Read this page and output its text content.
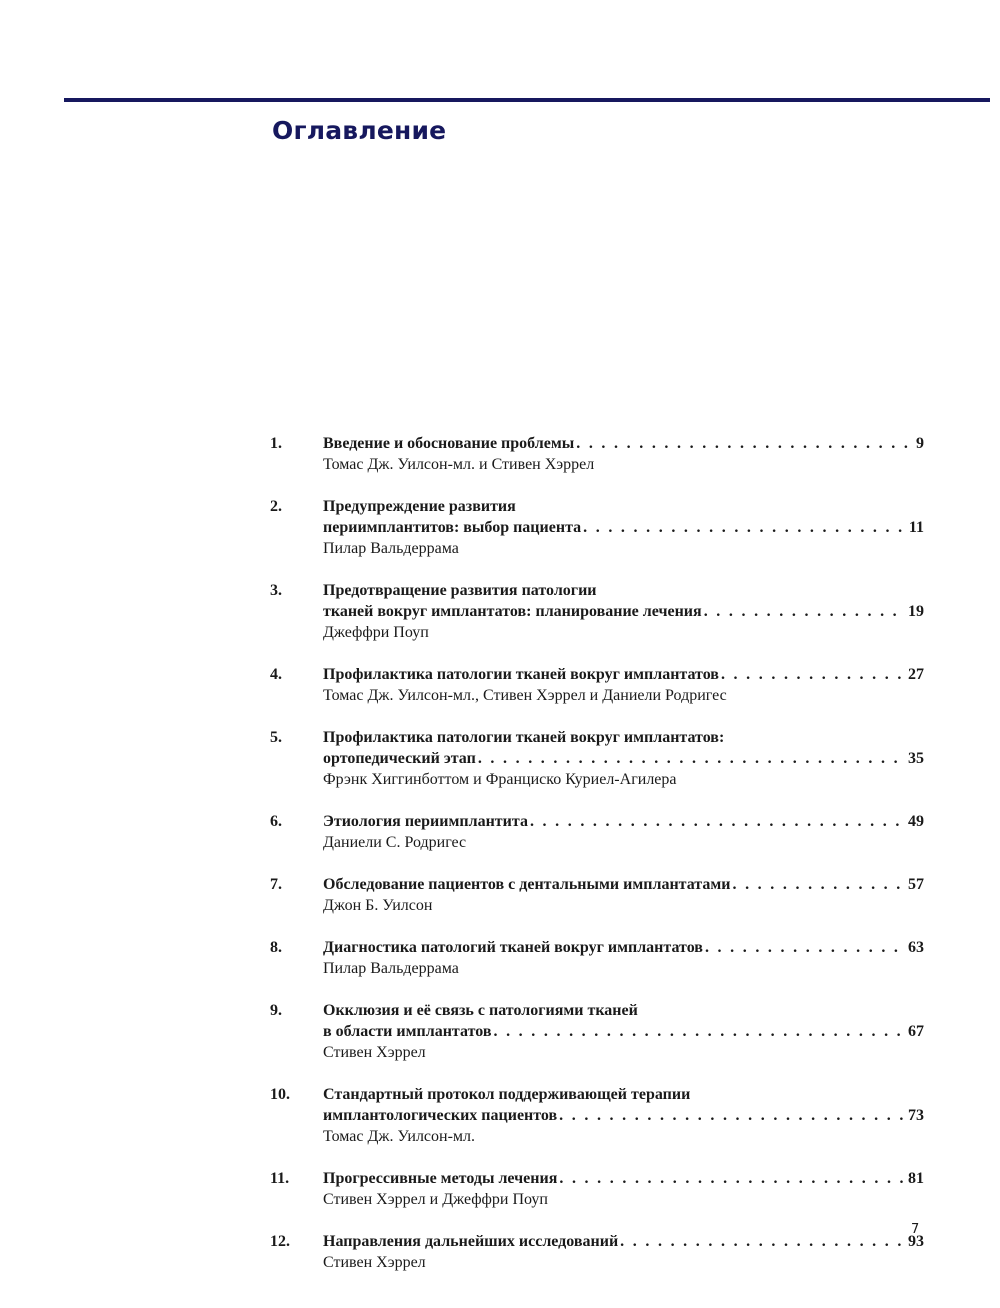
Оглавление
1.	Введение и обоснование проблемы . . .	9
Томас Дж. Уилсон-мл. и Стивен Хэррел
2.	Предупреждение развития
периимплантитов: выбор пациента . . .	11
Пилар Вальдеррама
3.	Предотвращение развития патологии
тканей вокруг имплантатов: планирование лечения . . .	19
Джеффри Поуп
4.	Профилактика патологии тканей вокруг имплантатов . . .	27
Томас Дж. Уилсон-мл., Стивен Хэррел и Даниели Родригес
5.	Профилактика патологии тканей вокруг имплантатов:
ортопедический этап . . .	35
Фрэнк Хиггинботтом и Франциско Куриел-Агилера
6.	Этиология периимплантита . . .	49
Даниели С. Родригес
7.	Обследование пациентов с дентальными имплантатами . . .	57
Джон Б. Уилсон
8.	Диагностика патологий тканей вокруг имплантатов . . .	63
Пилар Вальдеррама
9.	Окклюзия и её связь с патологиями тканей
в области имплантатов . . .	67
Стивен Хэррел
10.	Стандартный протокол поддерживающей терапии
имплантологических пациентов . . .	73
Томас Дж. Уилсон-мл.
11.	Прогрессивные методы лечения . . .	81
Стивен Хэррел и Джеффри Поуп
12.	Направления дальнейших исследований . . .	93
Стивен Хэррел
7
